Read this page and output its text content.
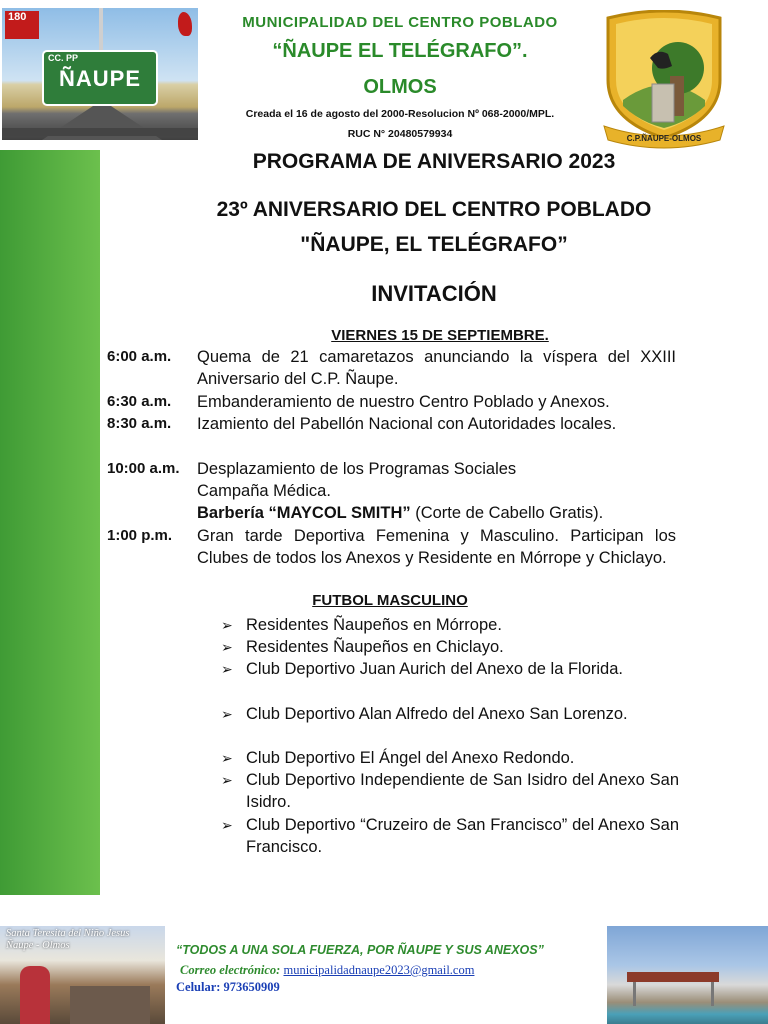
180
CC. PP
ÑAUPE
MUNICIPALIDAD DEL CENTRO POBLADO
“ÑAUPE EL TELÉGRAFO”.
OLMOS
Creada el 16 de agosto del 2000-Resolucion Nº 068-2000/MPL.
RUC N° 20480579934	C.P.ÑAUPE-OLMOS
PROGRAMA DE ANIVERSARIO 2023
23º ANIVERSARIO DEL CENTRO POBLADO
"ÑAUPE, EL TELÉGRAFO”
INVITACIÓN
VIERNES 15 DE SEPTIEMBRE.
6:00 a.m. Quema de 21 camaretazos anunciando la víspera del XXIII Aniversario del C.P. Ñaupe.
6:30 a.m. Embanderamiento de nuestro Centro Poblado y Anexos.
8:30 a.m. Izamiento del Pabellón Nacional con Autoridades locales.
10:00 a.m. Desplazamiento de los Programas Sociales
Campaña Médica.
Barbería “MAYCOL SMITH” (Corte de Cabello Gratis).
1:00 p.m. Gran tarde Deportiva Femenina y Masculino. Participan los Clubes de todos los Anexos y Residente en Mórrope y Chiclayo.
FUTBOL MASCULINO
➢ Residentes Ñaupeños en Mórrope.
➢ Residentes Ñaupeños en Chiclayo.
➢ Club Deportivo Juan Aurich del Anexo de la Florida.
➢ Club Deportivo Alan Alfredo del Anexo San Lorenzo.
➢ Club Deportivo El Ángel del Anexo Redondo.
➢ Club Deportivo Independiente de San Isidro del Anexo San Isidro.
➢ Club Deportivo “Cruzeiro de San Francisco” del Anexo San Francisco.
Santa Teresita del Niño Jesus Ñaupe - Olmos	“TODOS A UNA SOLA FUERZA, POR ÑAUPE Y SUS ANEXOS”
Correo electrónico: municipalidadnaupe2023@gmail.com
Celular: 973650909
